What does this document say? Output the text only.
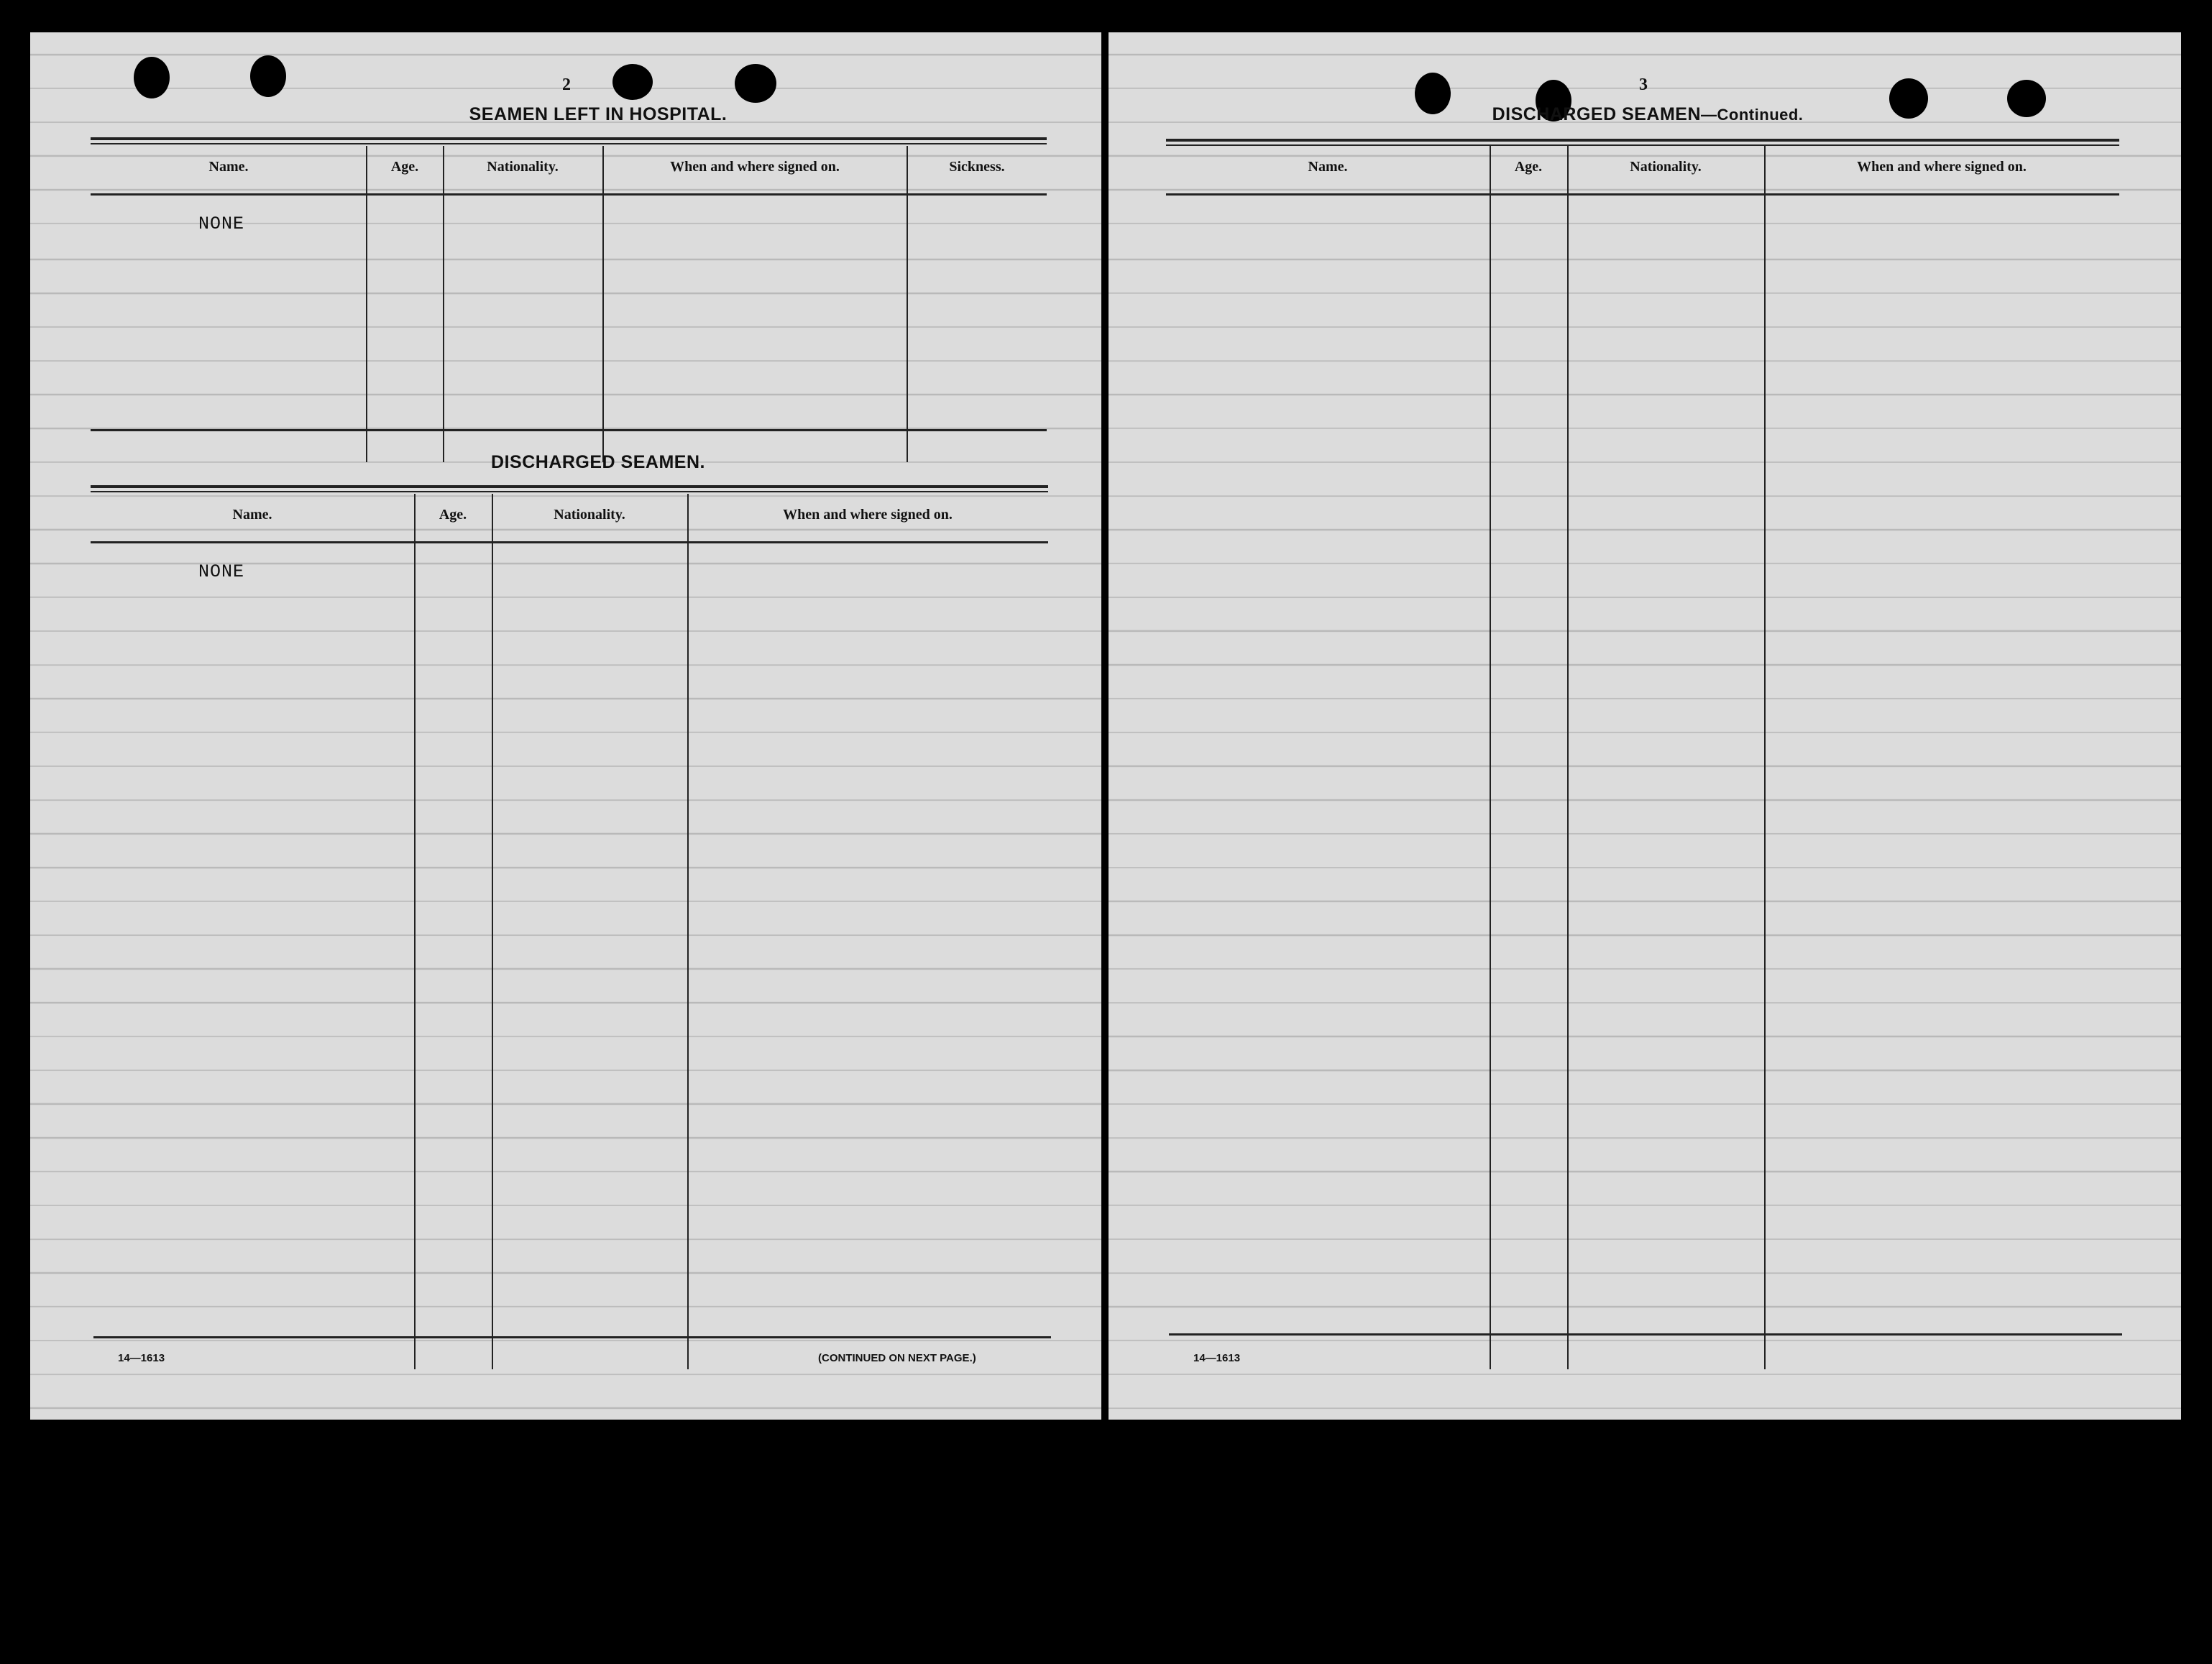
2
SEAMEN LEFT IN HOSPITAL.
Name.	Age.	Nationality.	When and where signed on.	Sickness.
NONE
DISCHARGED SEAMEN.
Name.	Age.	Nationality.	When and where signed on.
NONE
14—1613	(CONTINUED ON NEXT PAGE.)
3
DISCHARGED SEAMEN—Continued.
Name.	Age.	Nationality.	When and where signed on.
14—1613
